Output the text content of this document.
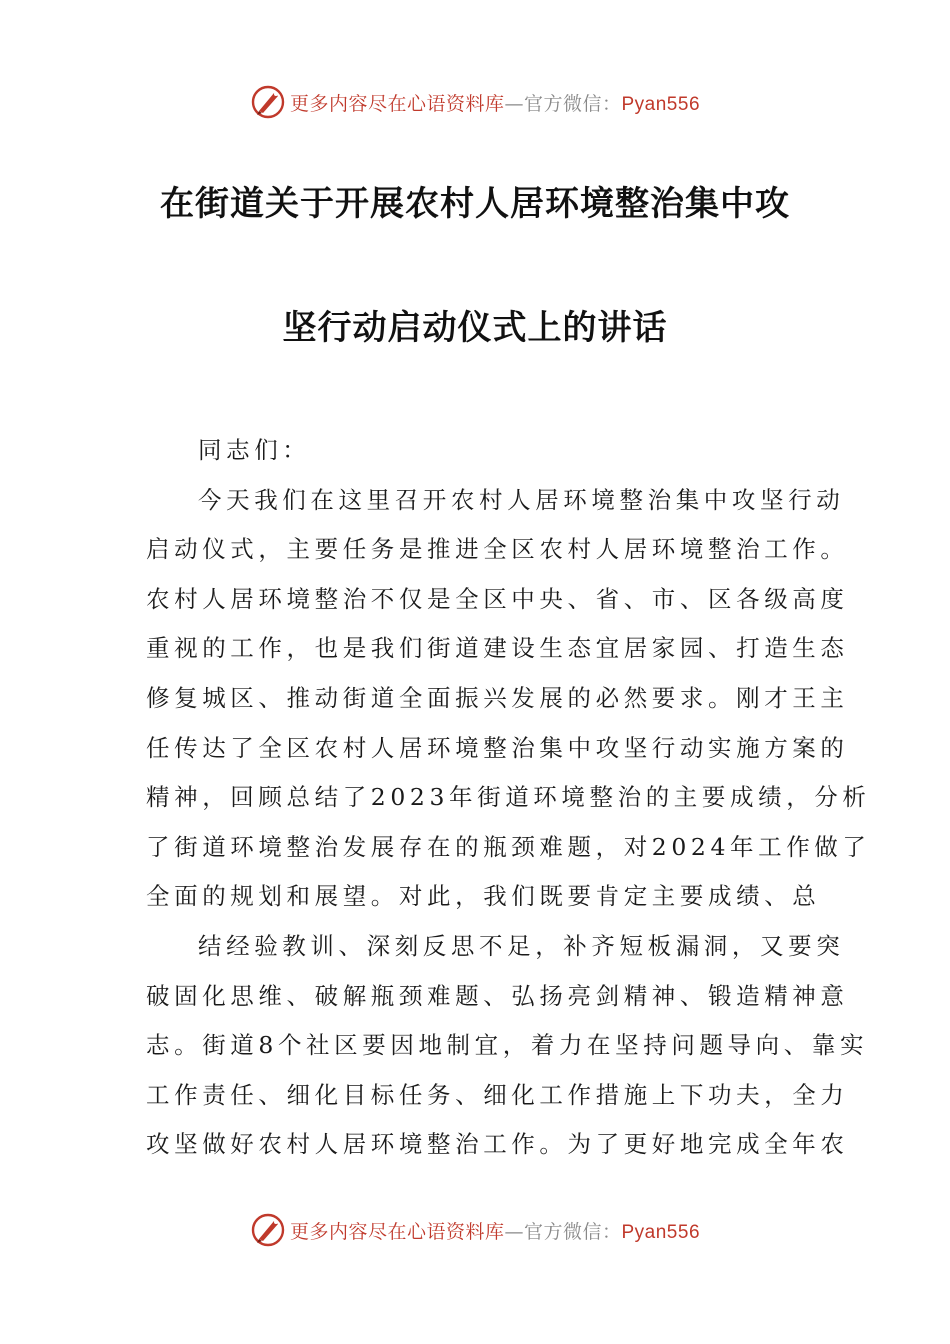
更多内容尽在心语资料库—官方微信：Pyan556
在街道关于开展农村人居环境整治集中攻
坚行动启动仪式上的讲话

同志们：

今天我们在这里召开农村人居环境整治集中攻坚行动
启动仪式，主要任务是推进全区农村人居环境整治工作。
农村人居环境整治不仅是全区中央、省、市、区各级高度
重视的工作，也是我们街道建设生态宜居家园、打造生态
修复城区、推动街道全面振兴发展的必然要求。刚才王主
任传达了全区农村人居环境整治集中攻坚行动实施方案的
精神，回顾总结了2023年街道环境整治的主要成绩，分析
了街道环境整治发展存在的瓶颈难题，对2024年工作做了
全面的规划和展望。对此，我们既要肯定主要成绩、总

结经验教训、深刻反思不足，补齐短板漏洞，又要突
破固化思维、破解瓶颈难题、弘扬亮剑精神、锻造精神意
志。街道8个社区要因地制宜，着力在坚持问题导向、靠实
工作责任、细化目标任务、细化工作措施上下功夫，全力
攻坚做好农村人居环境整治工作。为了更好地完成全年农

更多内容尽在心语资料库—官方微信：Pyan556
